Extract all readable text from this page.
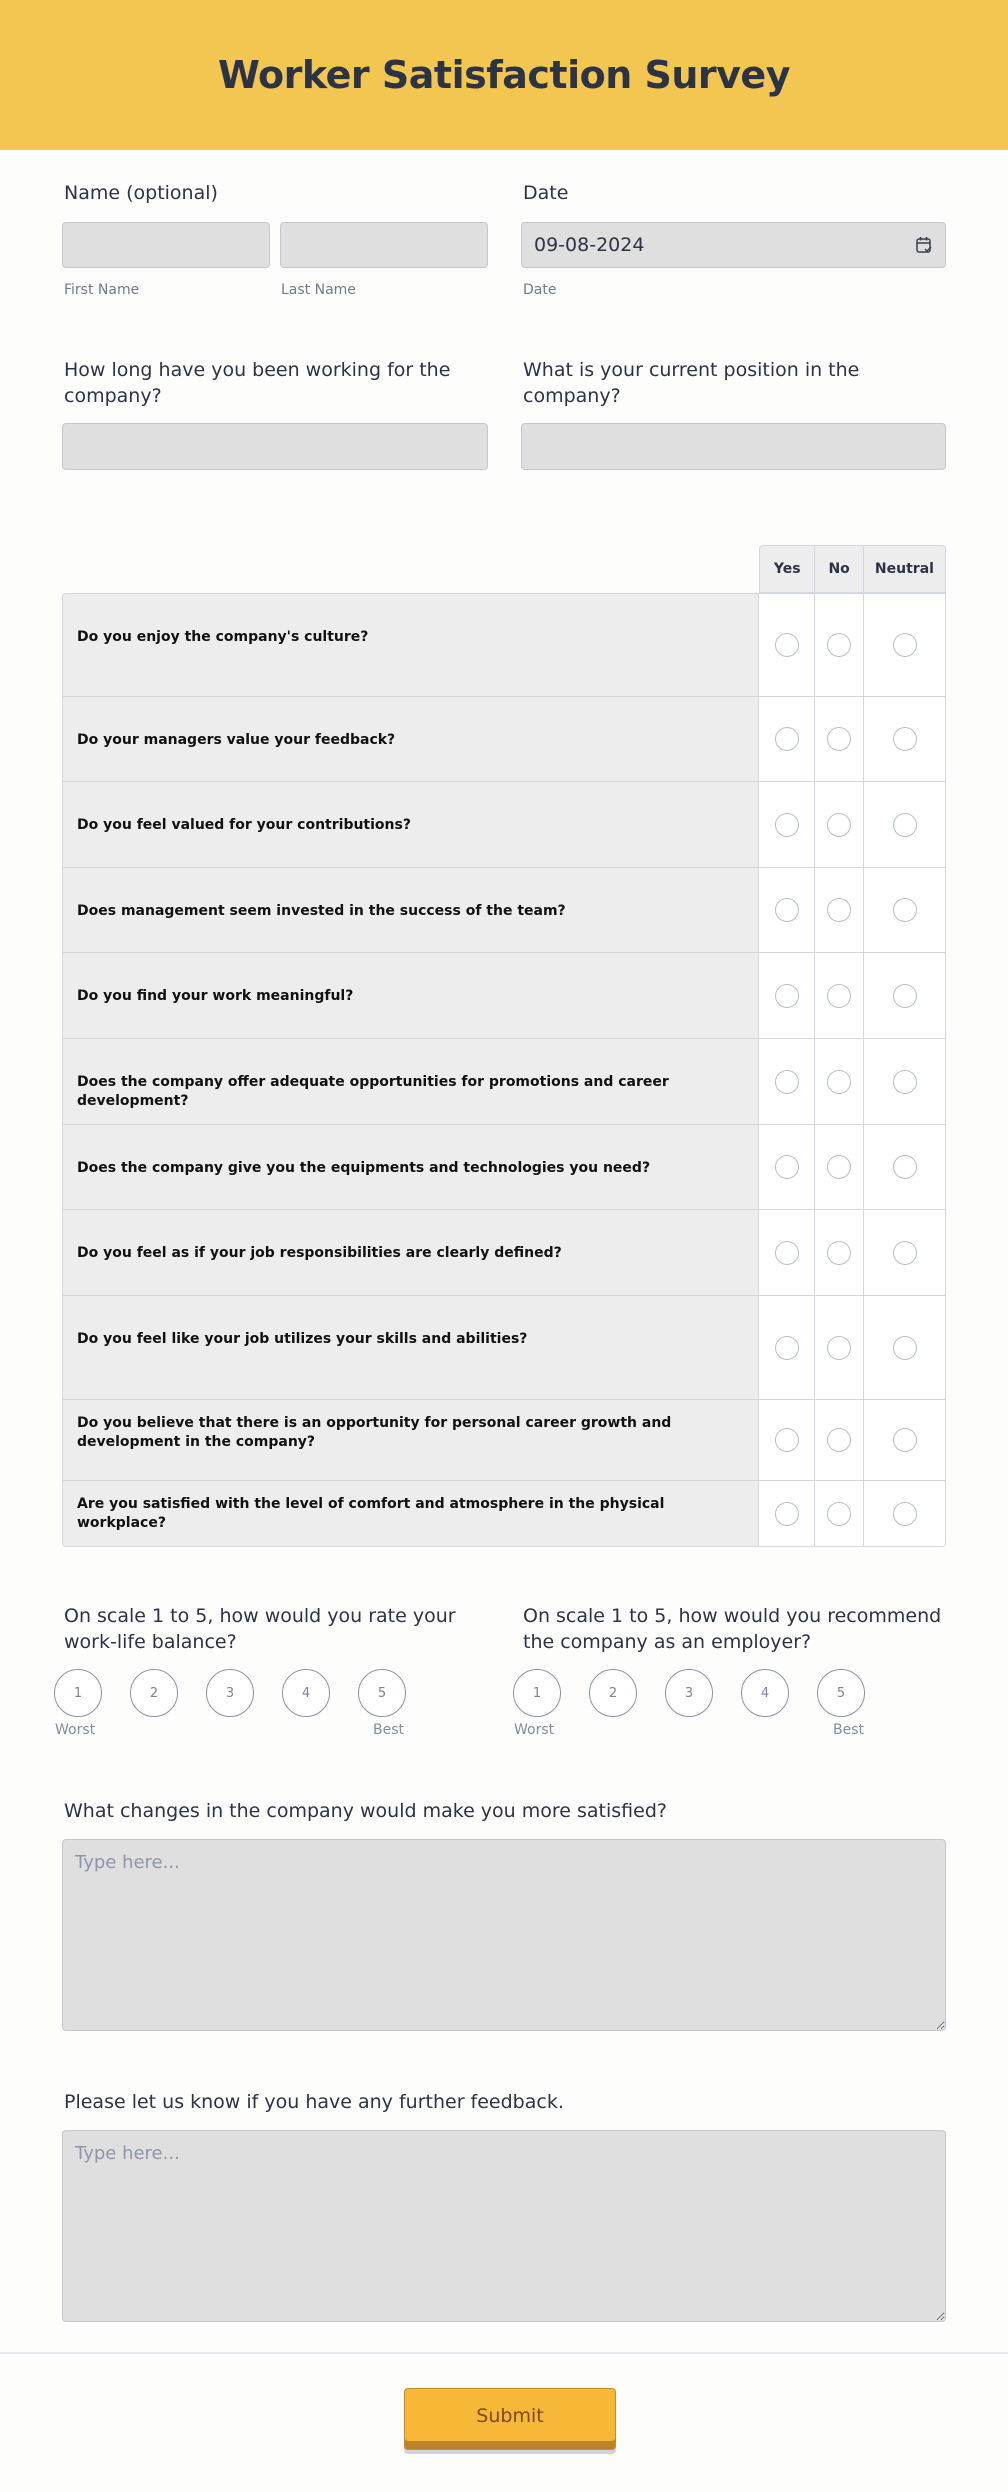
Worker Satisfaction Survey
Name (optional)
First Name	Last Name
Date
09-08-2024
Date
How long have you been working for the company?
What is your current position in the company?
Yes	No	Neutral
Do you enjoy the company's culture?
Do your managers value your feedback?
Do you feel valued for your contributions?
Does management seem invested in the success of the team?
Do you find your work meaningful?
Does the company offer adequate opportunities for promotions and career development?
Does the company give you the equipments and technologies you need?
Do you feel as if your job responsibilities are clearly defined?
Do you feel like your job utilizes your skills and abilities?
Do you believe that there is an opportunity for personal career growth and development in the company?
Are you satisfied with the level of comfort and atmosphere in the physical workplace?
On scale 1 to 5, how would you rate your work-life balance?
1	2	3	4	5
Worst	Best
On scale 1 to 5, how would you recommend the company as an employer?
1	2	3	4	5
Worst	Best
What changes in the company would make you more satisfied?
Type here...
Please let us know if you have any further feedback.
Type here...
Submit
